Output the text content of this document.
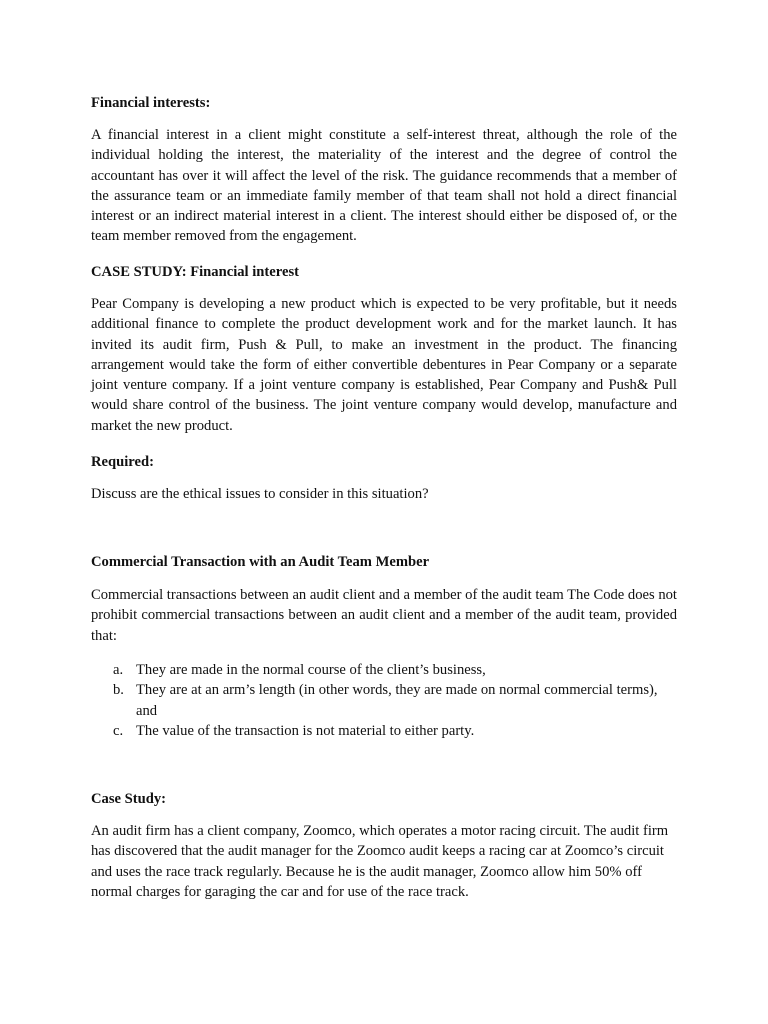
Financial interests:

A financial interest in a client might constitute a self-interest threat, although the role of the individual holding the interest, the materiality of the interest and the degree of control the accountant has over it will affect the level of the risk. The guidance recommends that a member of the assurance team or an immediate family member of that team shall not hold a direct financial interest or an indirect material interest in a client. The interest should either be disposed of, or the team member removed from the engagement.

CASE STUDY: Financial interest

Pear Company is developing a new product which is expected to be very profitable, but it needs additional finance to complete the product development work and for the market launch. It has invited its audit firm, Push & Pull, to make an investment in the product. The financing arrangement would take the form of either convertible debentures in Pear Company or a separate joint venture company. If a joint venture company is established, Pear Company and Push& Pull would share control of the business. The joint venture company would develop, manufacture and market the new product.

Required:

Discuss are the ethical issues to consider in this situation?

Commercial Transaction with an Audit Team Member

Commercial transactions between an audit client and a member of the audit team The Code does not prohibit commercial transactions between an audit client and a member of the audit team, provided that:

a. They are made in the normal course of the client’s business,
b. They are at an arm’s length (in other words, they are made on normal commercial terms), and
c. The value of the transaction is not material to either party.

Case Study:

An audit firm has a client company, Zoomco, which operates a motor racing circuit. The audit firm has discovered that the audit manager for the Zoomco audit keeps a racing car at Zoomco’s circuit and uses the race track regularly. Because he is the audit manager, Zoomco allow him 50% off normal charges for garaging the car and for use of the race track.
